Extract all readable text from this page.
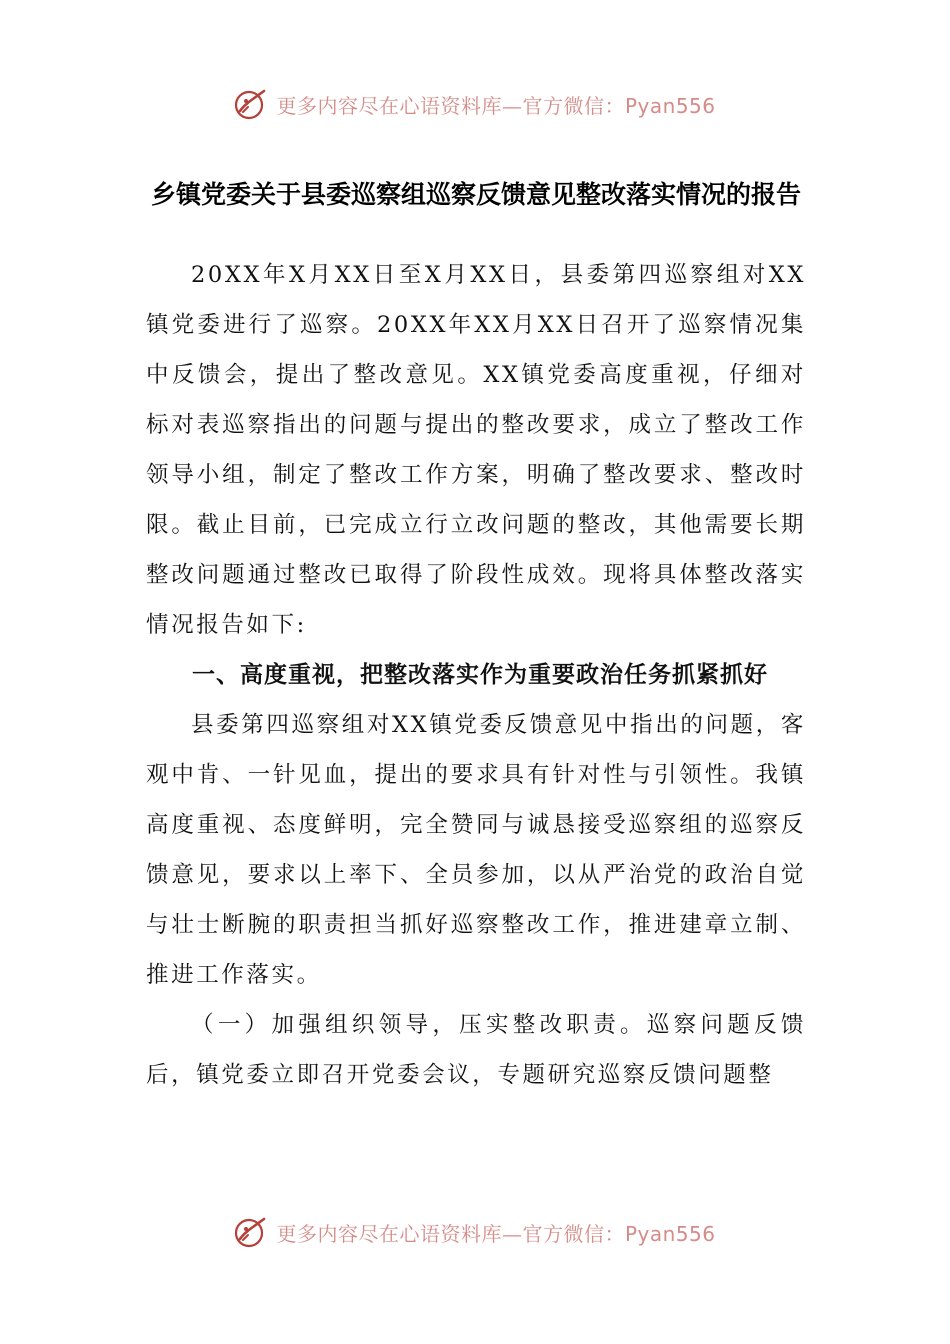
更多内容尽在心语资料库—官方微信：Pyan556
乡镇党委关于县委巡察组巡察反馈意见整改落实情况的报告

20XX年X月XX日至X月XX日，县委第四巡察组对XX镇党委进行了巡察。20XX年XX月XX日召开了巡察情况集中反馈会，提出了整改意见。XX镇党委高度重视，仔细对标对表巡察指出的问题与提出的整改要求，成立了整改工作领导小组，制定了整改工作方案，明确了整改要求、整改时限。截止目前，已完成立行立改问题的整改，其他需要长期整改问题通过整改已取得了阶段性成效。现将具体整改落实情况报告如下:

一、高度重视，把整改落实作为重要政治任务抓紧抓好

县委第四巡察组对XX镇党委反馈意见中指出的问题，客观中肯、一针见血，提出的要求具有针对性与引领性。我镇高度重视、态度鲜明，完全赞同与诚恳接受巡察组的巡察反馈意见，要求以上率下、全员参加，以从严治党的政治自觉与壮士断腕的职责担当抓好巡察整改工作，推进建章立制、推进工作落实。

（一）加强组织领导，压实整改职责。巡察问题反馈后，镇党委立即召开党委会议，专题研究巡察反馈问题整

更多内容尽在心语资料库—官方微信：Pyan556
